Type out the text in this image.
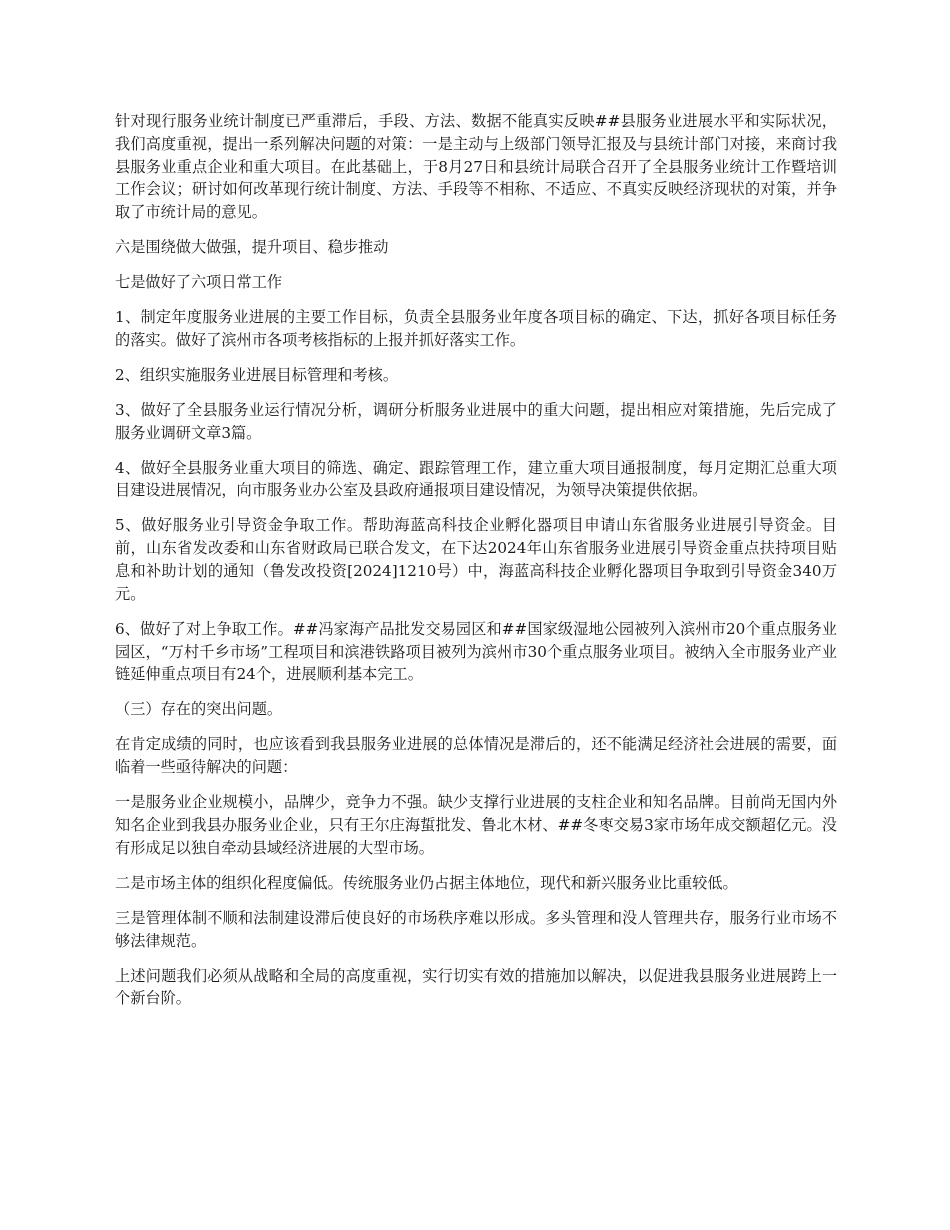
针对现行服务业统计制度已严重滞后，手段、方法、数据不能真实反映##县服务业进展水平和实际状况，我们高度重视，提出一系列解决问题的对策：一是主动与上级部门领导汇报及与县统计部门对接，来商讨我县服务业重点企业和重大项目。在此基础上，于8月27日和县统计局联合召开了全县服务业统计工作暨培训工作会议；研讨如何改革现行统计制度、方法、手段等不相称、不适应、不真实反映经济现状的对策，并争取了市统计局的意见。

六是围绕做大做强，提升项目、稳步推动

七是做好了六项日常工作

1、制定年度服务业进展的主要工作目标，负责全县服务业年度各项目标的确定、下达，抓好各项目标任务的落实。做好了滨州市各项考核指标的上报并抓好落实工作。

2、组织实施服务业进展目标管理和考核。

3、做好了全县服务业运行情况分析，调研分析服务业进展中的重大问题，提出相应对策措施，先后完成了服务业调研文章3篇。

4、做好全县服务业重大项目的筛选、确定、跟踪管理工作，建立重大项目通报制度，每月定期汇总重大项目建设进展情况，向市服务业办公室及县政府通报项目建设情况，为领导决策提供依据。

5、做好服务业引导资金争取工作。帮助海蓝高科技企业孵化器项目申请山东省服务业进展引导资金。目前，山东省发改委和山东省财政局已联合发文，在下达2024年山东省服务业进展引导资金重点扶持项目贴息和补助计划的通知（鲁发改投资[2024]1210号）中，海蓝高科技企业孵化器项目争取到引导资金340万元。

6、做好了对上争取工作。##冯家海产品批发交易园区和##国家级湿地公园被列入滨州市20个重点服务业园区，“万村千乡市场”工程项目和滨港铁路项目被列为滨州市30个重点服务业项目。被纳入全市服务业产业链延伸重点项目有24个，进展顺利基本完工。

（三）存在的突出问题。

在肯定成绩的同时，也应该看到我县服务业进展的总体情况是滞后的，还不能满足经济社会进展的需要，面临着一些亟待解决的问题：

一是服务业企业规模小，品牌少，竞争力不强。缺少支撑行业进展的支柱企业和知名品牌。目前尚无国内外知名企业到我县办服务业企业，只有王尔庄海蜇批发、鲁北木材、##冬枣交易3家市场年成交额超亿元。没有形成足以独自牵动县域经济进展的大型市场。

二是市场主体的组织化程度偏低。传统服务业仍占据主体地位，现代和新兴服务业比重较低。

三是管理体制不顺和法制建设滞后使良好的市场秩序难以形成。多头管理和没人管理共存，服务行业市场不够法律规范。

上述问题我们必须从战略和全局的高度重视，实行切实有效的措施加以解决，以促进我县服务业进展跨上一个新台阶。
